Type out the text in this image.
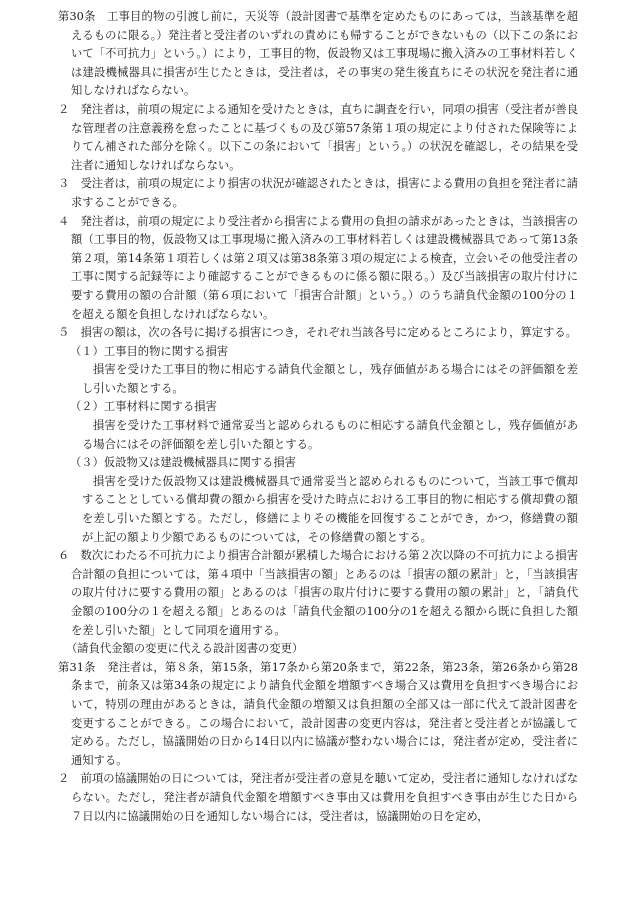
第30条　工事目的物の引渡し前に，天災等（設計図書で基準を定めたものにあっては，当該基準を超えるものに限る。）発注者と受注者のいずれの責めにも帰することができないもの（以下この条において「不可抗力」という。）により，工事目的物，仮設物又は工事現場に搬入済みの工事材料若しくは建設機械器具に損害が生じたときは，受注者は，その事実の発生後直ちにその状況を発注者に通知しなければならない。

２　発注者は，前項の規定による通知を受けたときは，直ちに調査を行い，同項の損害（受注者が善良な管理者の注意義務を怠ったことに基づくもの及び第57条第１項の規定により付された保険等によりてん補された部分を除く。以下この条において「損害」という。）の状況を確認し，その結果を受注者に通知しなければならない。

３　受注者は，前項の規定により損害の状況が確認されたときは，損害による費用の負担を発注者に請求することができる。

４　発注者は，前項の規定により受注者から損害による費用の負担の請求があったときは，当該損害の額（工事目的物，仮設物又は工事現場に搬入済みの工事材料若しくは建設機械器具であって第13条第２項，第14条第１項若しくは第２項又は第38条第３項の規定による検査，立会いその他受注者の工事に関する記録等により確認することができるものに係る額に限る。）及び当該損害の取片付けに要する費用の額の合計額（第６項において「損害合計額」という。）のうち請負代金額の100分の１を超える額を負担しなければならない。

５　損害の額は，次の各号に掲げる損害につき，それぞれ当該各号に定めるところにより，算定する。

（１）工事目的物に関する損害

損害を受けた工事目的物に相応する請負代金額とし，残存価値がある場合にはその評価額を差し引いた額とする。

（２）工事材料に関する損害

損害を受けた工事材料で通常妥当と認められるものに相応する請負代金額とし，残存価値がある場合にはその評価額を差し引いた額とする。

（３）仮設物又は建設機械器具に関する損害

損害を受けた仮設物又は建設機械器具で通常妥当と認められるものについて，当該工事で償却することとしている償却費の額から損害を受けた時点における工事目的物に相応する償却費の額を差し引いた額とする。ただし，修繕によりその機能を回復することができ，かつ，修繕費の額が上記の額より少額であるものについては，その修繕費の額とする。

６　数次にわたる不可抗力により損害合計額が累積した場合における第２次以降の不可抗力による損害合計額の負担については，第４項中「当該損害の額」とあるのは「損害の額の累計」と，「当該損害の取片付けに要する費用の額」とあるのは「損害の取片付けに要する費用の額の累計」と，「請負代金額の100分の１を超える額」とあるのは「請負代金額の100分の1を超える額から既に負担した額を差し引いた額」として同項を適用する。

（請負代金額の変更に代える設計図書の変更）

第31条　発注者は，第８条，第15条，第17条から第20条まで，第22条，第23条，第26条から第28条まで，前条又は第34条の規定により請負代金額を増額すべき場合又は費用を負担すべき場合において，特別の理由があるときは，請負代金額の増額又は負担額の全部又は一部に代えて設計図書を変更することができる。この場合において，設計図書の変更内容は，発注者と受注者とが協議して定める。ただし，協議開始の日から14日以内に協議が整わない場合には，発注者が定め，受注者に通知する。

２　前項の協議開始の日については，発注者が受注者の意見を聴いて定め，受注者に通知しなければならない。ただし，発注者が請負代金額を増額すべき事由又は費用を負担すべき事由が生じた日から７日以内に協議開始の日を通知しない場合には，受注者は，協議開始の日を定め，
